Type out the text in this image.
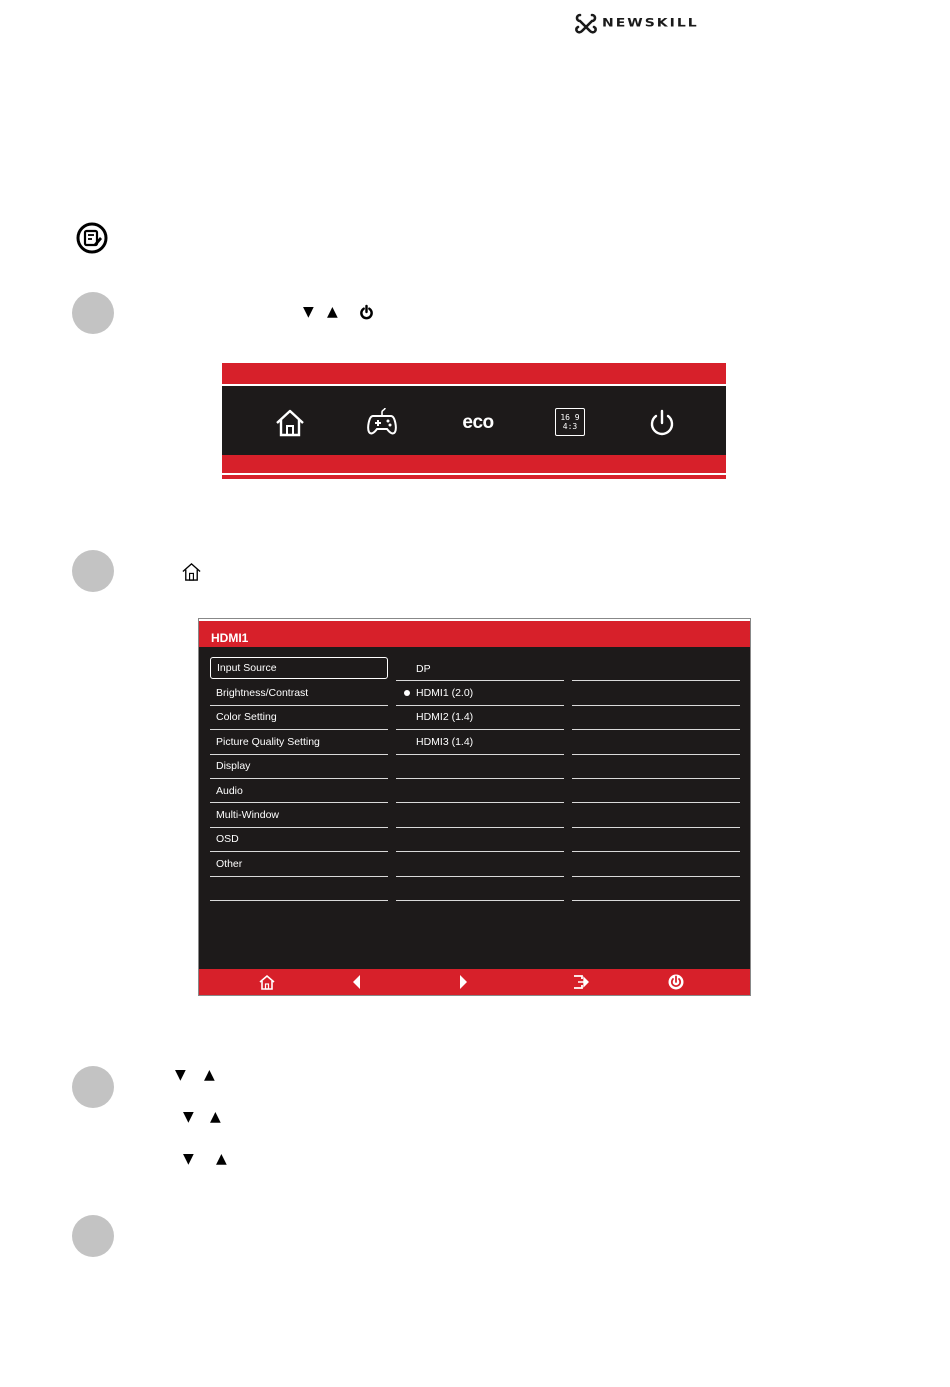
NEWSKILL
▼ ▲
eco	16 9
4:3
HDMI1
Input Source
Brightness/Contrast
Color Setting
Picture Quality Setting
Display
Audio
Multi-Window
OSD
Other
DP
HDMI1 (2.0)
HDMI2 (1.4)
HDMI3 (1.4)
▼ ▲
▼ ▲
▼ ▲
